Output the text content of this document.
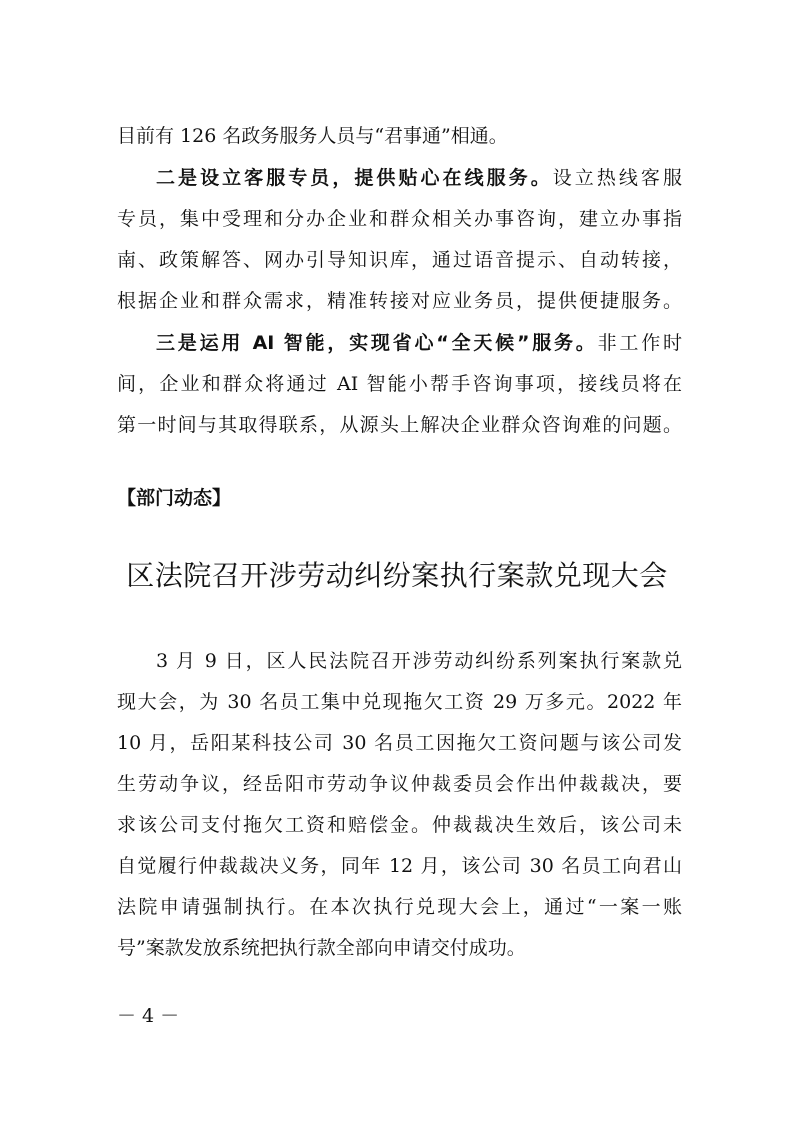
目前有 126 名政务服务人员与“君事通”相通。
二是设立客服专员，提供贴心在线服务。设立热线客服
专员，集中受理和分办企业和群众相关办事咨询，建立办事指
南、政策解答、网办引导知识库，通过语音提示、自动转接，
根据企业和群众需求，精准转接对应业务员，提供便捷服务。
三是运用 AI 智能，实现省心“全天候”服务。非工作时
间，企业和群众将通过 AI 智能小帮手咨询事项，接线员将在
第一时间与其取得联系，从源头上解决企业群众咨询难的问题。
【部门动态】
区法院召开涉劳动纠纷案执行案款兑现大会
3 月 9 日，区人民法院召开涉劳动纠纷系列案执行案款兑
现大会，为 30 名员工集中兑现拖欠工资 29 万多元。2022 年
10 月，岳阳某科技公司 30 名员工因拖欠工资问题与该公司发
生劳动争议，经岳阳市劳动争议仲裁委员会作出仲裁裁决，要
求该公司支付拖欠工资和赔偿金。仲裁裁决生效后，该公司未
自觉履行仲裁裁决义务，同年 12 月，该公司 30 名员工向君山
法院申请强制执行。在本次执行兑现大会上，通过“一案一账
号”案款发放系统把执行款全部向申请交付成功。
－ 4 －
